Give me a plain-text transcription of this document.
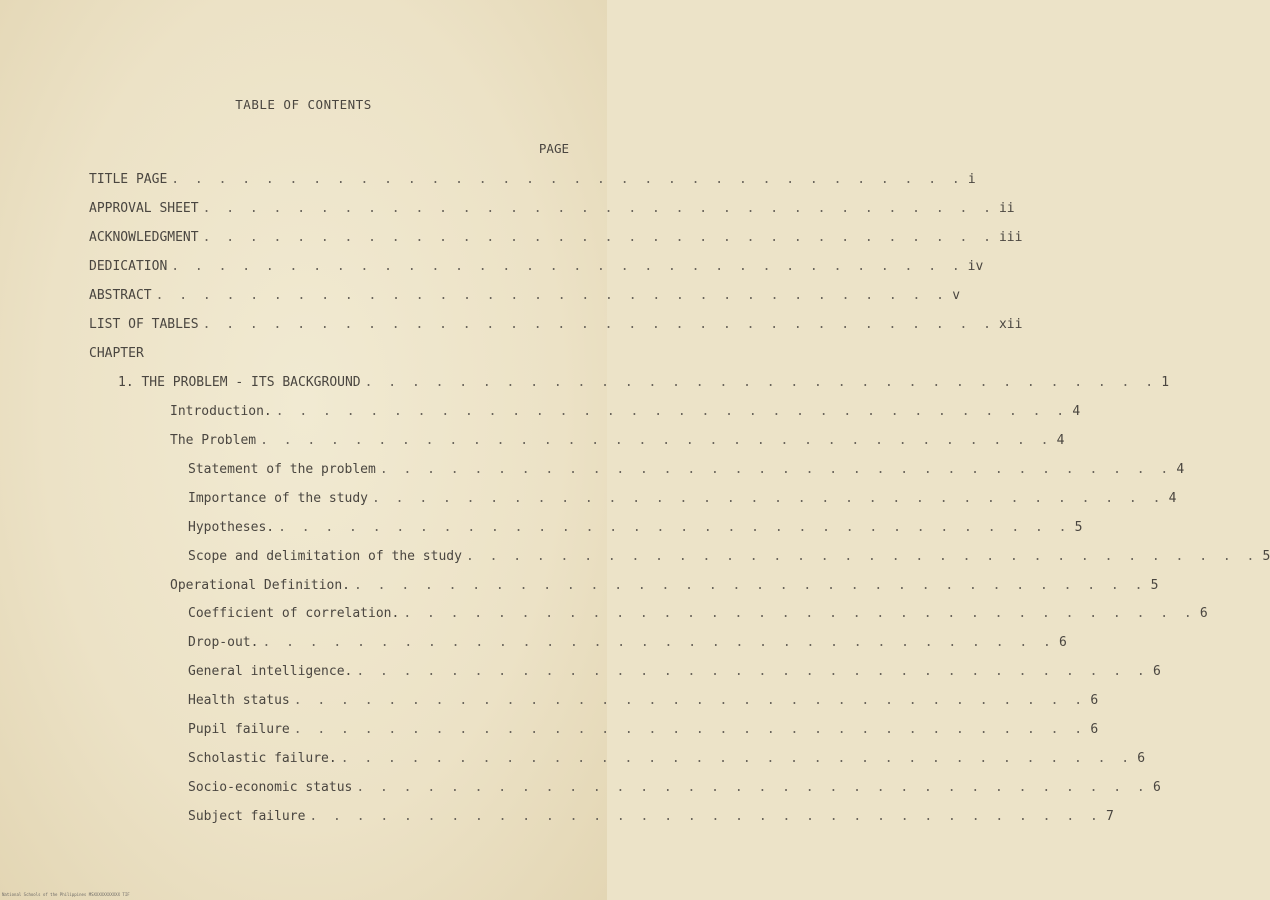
TABLE OF CONTENTS
PAGE
TITLE PAGE . . . . . . . . . . . . . . . . . . . . . . . . . . . . . . . . . . i
APPROVAL SHEET . . . . . . . . . . . . . . . . . . . . . . . . . . . . . . . . . . ii
ACKNOWLEDGMENT . . . . . . . . . . . . . . . . . . . . . . . . . . . . . . . . . . iii
DEDICATION . . . . . . . . . . . . . . . . . . . . . . . . . . . . . . . . . . iv
ABSTRACT . . . . . . . . . . . . . . . . . . . . . . . . . . . . . . . . . . v
LIST OF TABLES . . . . . . . . . . . . . . . . . . . . . . . . . . . . . . . . . . xii
CHAPTER
1. THE PROBLEM - ITS BACKGROUND . . . . . . . . . . . . . . . . . . . . . . . . . . . . . . . . . . 1
Introduction. . . . . . . . . . . . . . . . . . . . . . . . . . . . . . . . . . . 4
The Problem . . . . . . . . . . . . . . . . . . . . . . . . . . . . . . . . . . 4
Statement of the problem . . . . . . . . . . . . . . . . . . . . . . . . . . . . . . . . . . 4
Importance of the study . . . . . . . . . . . . . . . . . . . . . . . . . . . . . . . . . . 4
Hypotheses. . . . . . . . . . . . . . . . . . . . . . . . . . . . . . . . . . . 5
Scope and delimitation of the study . . . . . . . . . . . . . . . . . . . . . . . . . . . . . . . . . . 5
Operational Definition. . . . . . . . . . . . . . . . . . . . . . . . . . . . . . . . . . . 5
Coefficient of correlation. . . . . . . . . . . . . . . . . . . . . . . . . . . . . . . . . . . 6
Drop-out. . . . . . . . . . . . . . . . . . . . . . . . . . . . . . . . . . . 6
General intelligence. . . . . . . . . . . . . . . . . . . . . . . . . . . . . . . . . . . 6
Health status . . . . . . . . . . . . . . . . . . . . . . . . . . . . . . . . . . 6
Pupil failure . . . . . . . . . . . . . . . . . . . . . . . . . . . . . . . . . . 6
Scholastic failure. . . . . . . . . . . . . . . . . . . . . . . . . . . . . . . . . . . 6
Socio-economic status . . . . . . . . . . . . . . . . . . . . . . . . . . . . . . . . . . 6
Subject failure . . . . . . . . . . . . . . . . . . . . . . . . . . . . . . . . . . 7
National Schools of the Philippines MSXXXXXXXXXXX TIF
